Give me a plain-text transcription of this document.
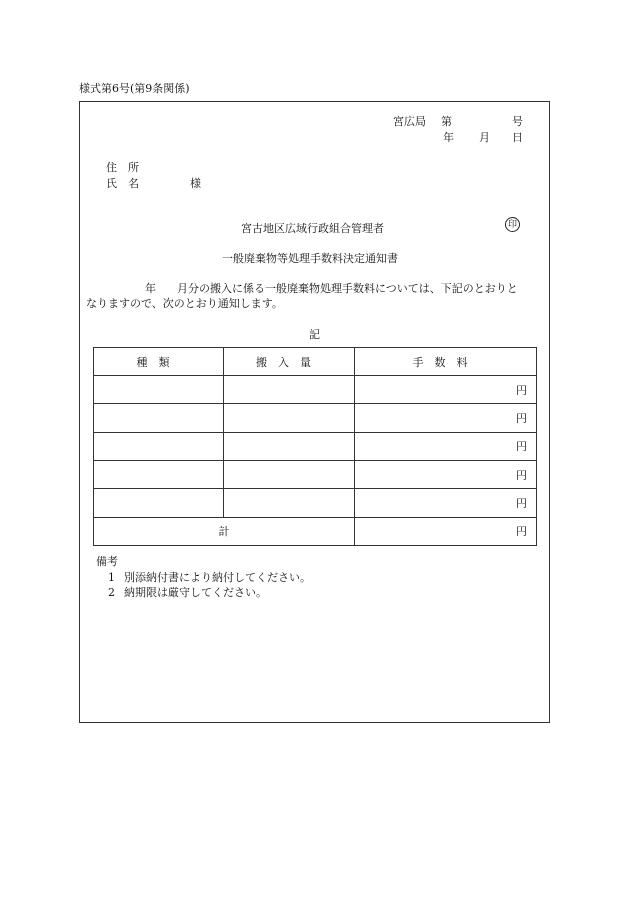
様式第6号(第9条関係)
宮広局 第	号
年 月 日
住　所
氏　名	様
宮古地区広域行政組合管理者	印
一般廃棄物等処理手数料決定通知書
年 月分の搬入に係る一般廃棄物処理手数料については、下記のとおりと
なりますので、次のとおり通知します。
記
種類	搬入量	手数料
		円
		円
		円
		円
		円
計		円
備考
1 別添納付書により納付してください。
2 納期限は厳守してください。
